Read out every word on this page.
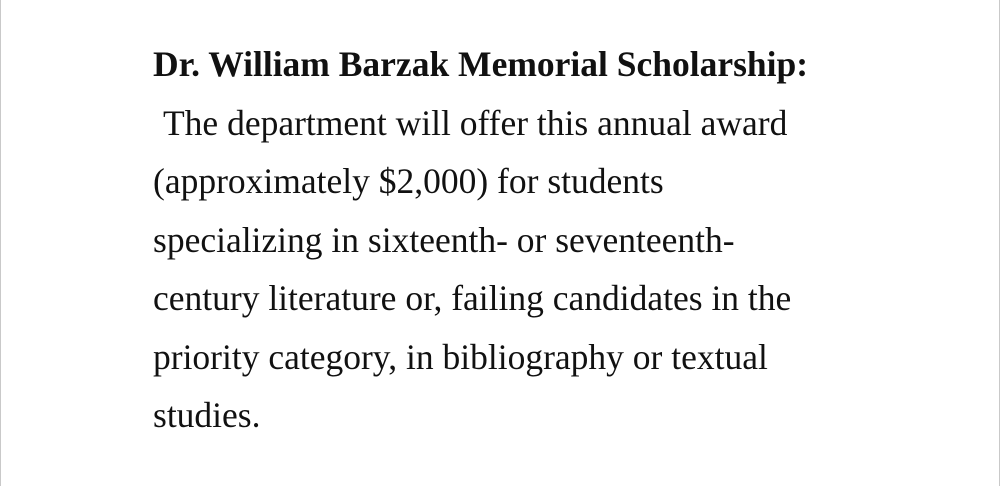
Dr. William Barzak Memorial Scholarship:
The department will offer this annual award
(approximately $2,000) for students
specializing in sixteenth- or seventeenth-
century literature or, failing candidates in the
priority category, in bibliography or textual
studies.
